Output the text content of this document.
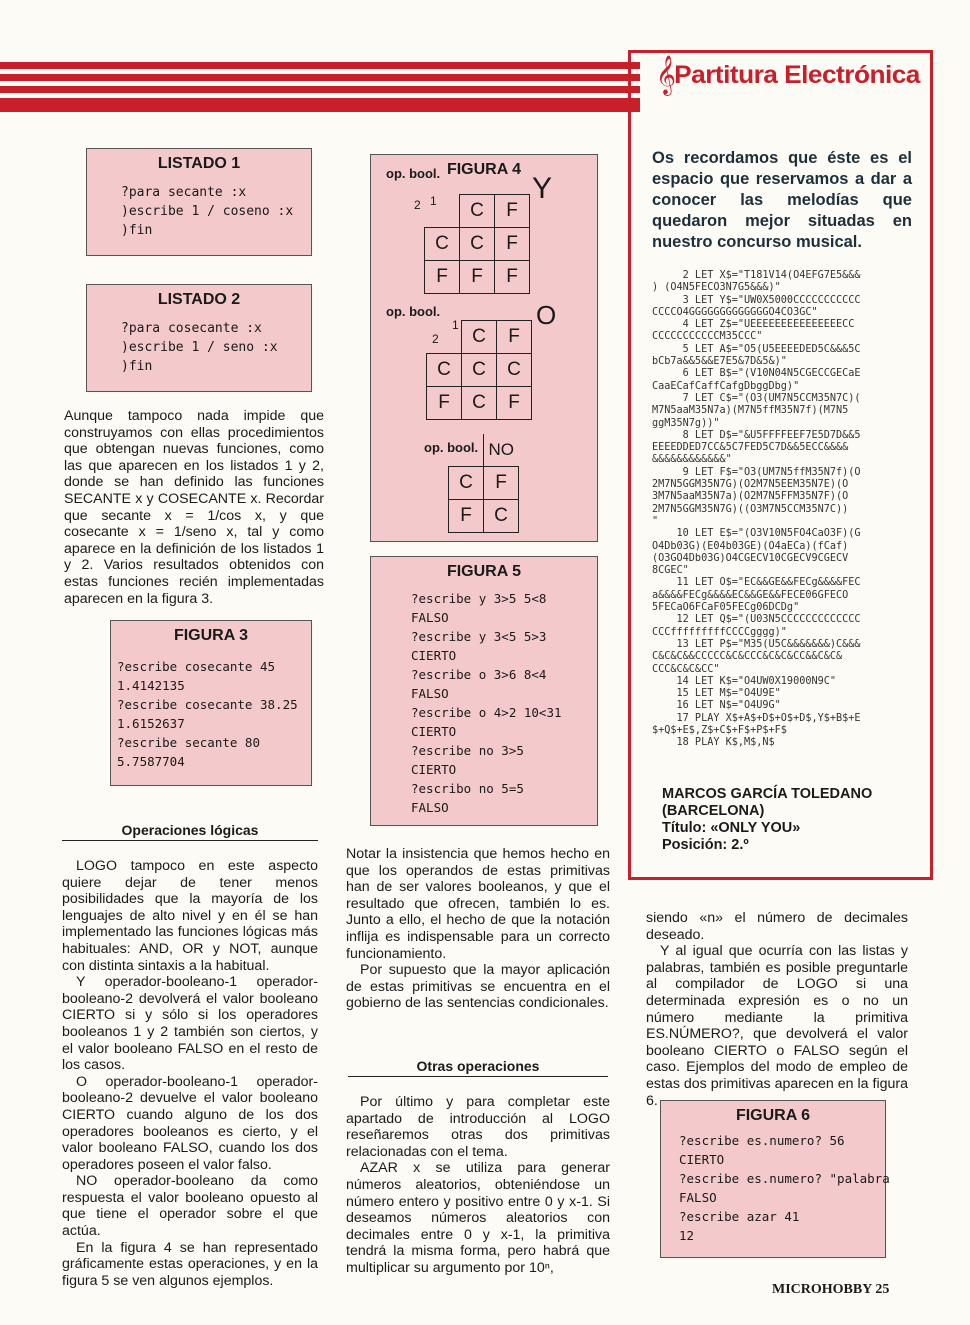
𝄞
Partitura Electrónica
LISTADO 1
?para secante :x
)escribe 1 / coseno :x
)fin
LISTADO 2
?para cosecante :x
)escribe 1 / seno :x
)fin

Aunque tampoco nada impide que construyamos con ellas procedimientos que obtengan nuevas funciones, como las que aparecen en los listados 1 y 2, donde se han definido las funciones SECANTE x y COSECANTE x. Recordar que secante x = 1/cos x, y que cosecante x = 1/seno x, tal y como aparece en la definición de los listados 1 y 2. Varios resultados obtenidos con estas funciones recién implementadas aparecen en la figura 3.

FIGURA 3
?escribe cosecante 45
1.4142135
?escribe cosecante 38.25
1.6152637
?escribe secante 80
5.7587704
Operaciones lógicas

LOGO tampoco en este aspecto quiere dejar de tener menos posibilidades que la mayoría de los lenguajes de alto nivel y en él se han implementado las funciones lógicas más habituales: AND, OR y NOT, aunque con distinta sintaxis a la habitual.

Y operador-booleano-1 operador-booleano-2 devolverá el valor booleano CIERTO si y sólo si los operadores booleanos 1 y 2 también son ciertos, y el valor booleano FALSO en el resto de los casos.

O operador-booleano-1 operador-booleano-2 devuelve el valor booleano CIERTO cuando alguno de los dos operadores booleanos es cierto, y el valor booleano FALSO, cuando los dos operadores poseen el valor falso.

NO operador-booleano da como respuesta el valor booleano opuesto al que tiene el operador sobre el que actúa.

En la figura 4 se han representado gráficamente estas operaciones, y en la figura 5 se ven algunos ejemplos.

FIGURA 4
op. bool.
1
2	Y
	C	F
C	C	F
F	F	F
op. bool.
1
2
O
	C	F
C	C	C
F	C	F
op. bool.
	NO
C	F
F	C
FIGURA 5
?escribe y 3>5 5<8
FALSO
?escribe y 3<5 5>3
CIERTO
?escribe o 3>6 8<4
FALSO
?escribe o 4>2 10<31
CIERTO
?escribe no 3>5
CIERTO
?escribo no 5=5
FALSO

Notar la insistencia que hemos hecho en que los operandos de estas primitivas han de ser valores booleanos, y que el resultado que ofrecen, también lo es. Junto a ello, el hecho de que la notación inflija es indispensable para un correcto funcionamiento.

Por supuesto que la mayor aplicación de estas primitivas se encuentra en el gobierno de las sentencias condicionales.

Otras operaciones

Por último y para completar este apartado de introducción al LOGO reseñaremos otras dos primitivas relacionadas con el tema.

AZAR x se utiliza para generar números aleatorios, obteniéndose un número entero y positivo entre 0 y x-1. Si deseamos números aleatorios con decimales entre 0 y x-1, la primitiva tendrá la misma forma, pero habrá que multiplicar su argumento por 10ⁿ,

Os recordamos que éste es el espacio que reservamos a dar a conocer las melodías que quedaron mejor situadas en nuestro concurso musical.
2 LET X$="T181V14(O4EFG7E5&&&
) (O4N5FECO3N7G5&&&)"
3 LET Y$="UW0X5000CCCCCCCCCCC
CCCCO4GGGGGGGGGGGGGO4CO3GC"
4 LET Z$="UEEEEEEEEEEEEEEECC
CCCCCCCCCCCM35CCC"
5 LET A$="O5(U5EEEEDED5C&&&5C
bCb7a&&5&&E7E5&7D&5&)"
6 LET B$="(V10N04N5CGECCGECaE
CaaECafCaffCafgDbggDbg)"
7 LET C$="(O3(UM7N5CCM35N7C)(
M7N5aaM35N7a)(M7N5ffM35N7f)(M7N5
ggM35N7g))"
8 LET D$="&U5FFFFEEF7E5D7D&&5
EEEEDDED7CC&5C7FED5C7D&&5ECC&&&&
&&&&&&&&&&&&"
9 LET F$="O3(UM7N5ffM35N7f)(O
2M7N5GGM35N7G)(O2M7N5EEM35N7E)(O
3M7N5aaM35N7a)(O2M7N5FFM35N7F)(O
2M7N5GGM35N7G)((O3M7N5CCM35N7C))
"
10 LET E$="(O3V10N5FO4CaO3F)(G
O4Db03G)(E04b03GE)(O4aECa)(fCaf)
(O3GO4Db03G)O4CGECV10CGECV9CGECV
8CGEC"
11 LET O$="EC&&GE&&FECg&&&&FEC
a&&&&FECg&&&&EC&&GE&&FECE06GFECO
5FECaO6FCaF05FECg06DCDg"
12 LET Q$="(U03N5CCCCCCCCCCCCC
CCCfffffffffCCCCgggg)"
13 LET P$="M35(U5C&&&&&&&)C&&&
C&C&C&&CCCCC&C&CCC&C&C&CC&&C&C&
CCC&C&C&CC"
14 LET K$="O4UW0X19000N9C"
15 LET M$="O4U9E"
16 LET N$="O4U9G"
17 PLAY X$+A$+D$+O$+D$,Y$+B$+E
$+Q$+E$,Z$+C$+F$+P$+F$
18 PLAY K$,M$,N$
MARCOS GARCÍA TOLEDANO
(BARCELONA)
Título: «ONLY YOU»
Posición: 2.º

siendo «n» el número de decimales deseado.

Y al igual que ocurría con las listas y palabras, también es posible preguntarle al compilador de LOGO si una determinada expresión es o no un número mediante la primitiva ES.NÚMERO?, que devolverá el valor booleano CIERTO o FALSO según el caso. Ejemplos del modo de empleo de estas dos primitivas aparecen en la figura 6.

FIGURA 6
?escribe es.numero? 56
CIERTO
?escribe es.numero? "palabra
FALSO
?escribe azar 41
12
MICROHOBBY 25
